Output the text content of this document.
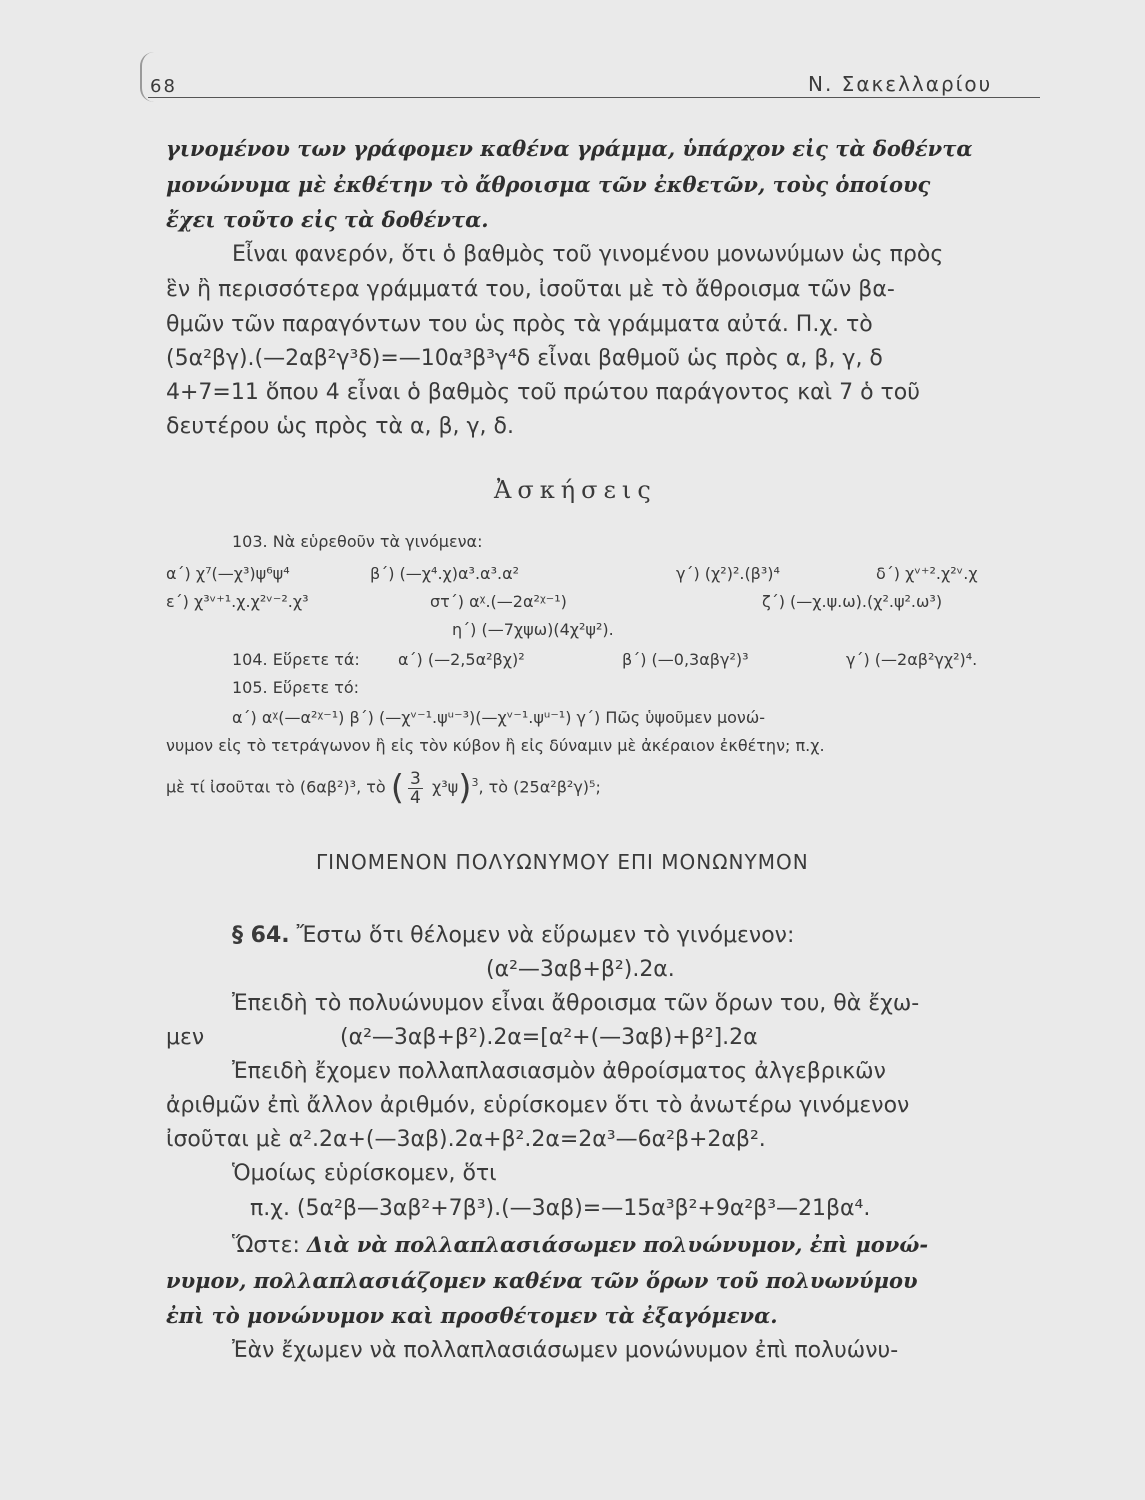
68	Ν. Σακελλαρίου
γινομένου των γράφομεν καθένα γράμμα, ὑπάρχον εἰς τὰ δοθέντα
μονώνυμα μὲ ἐκθέτην τὸ ἄθροισμα τῶν ἐκθετῶν, τοὺς ὁποίους
ἔχει τοῦτο εἰς τὰ δοθέντα.
Εἶναι φανερόν, ὅτι ὁ βαθμὸς τοῦ γινομένου μονωνύμων ὡς πρὸς
ἓν ἢ περισσότερα γράμματά του, ἰσοῦται μὲ τὸ ἄθροισμα τῶν βα-
θμῶν τῶν παραγόντων του ὡς πρὸς τὰ γράμματα αὐτά. Π.χ. τὸ
(5α²βγ).(—2αβ²γ³δ)=—10α³β³γ⁴δ εἶναι βαθμοῦ ὡς πρὸς α, β, γ, δ
4+7=11 ὅπου 4 εἶναι ὁ βαθμὸς τοῦ πρώτου παράγοντος καὶ 7 ὁ τοῦ
δευτέρου ὡς πρὸς τὰ α, β, γ, δ.
Ἀσκήσεις
103. Νὰ εὑρεθοῦν τὰ γινόμενα:
α΄) χ⁷(—χ³)ψ⁶ψ⁴	β΄) (—χ⁴.χ)α³.α³.α²	γ΄) (χ²)².(β³)⁴	δ΄) χᵛ⁺².χ²ᵛ.χ
ε΄) χ³ᵛ⁺¹.χ.χ²ᵛ⁻².χ³	στ΄) αᵡ.(—2α²ᵡ⁻¹)	ζ΄) (—χ.ψ.ω).(χ².ψ².ω³)
η΄) (—7χψω)(4χ²ψ²).
104. Εὕρετε τά: α΄) (—2,5α²βχ)²	β΄) (—0,3αβγ²)³	γ΄) (—2αβ²γχ²)⁴.
105. Εὕρετε τό:
α΄) αᵡ(—α²ᵡ⁻¹) β΄) (—χᵛ⁻¹.ψᵘ⁻³)(—χᵛ⁻¹.ψᵘ⁻¹) γ΄) Πῶς ὑψοῦμεν μονώ-
νυμον εἰς τὸ τετράγωνον ἢ εἰς τὸν κύβον ἢ εἰς δύναμιν μὲ ἀκέραιον ἐκθέτην; π.χ.
μὲ τί ἰσοῦται τὸ (6αβ²)³, τὸ ( $\frac{3}{4} \chi^3\psi)^3$, τὸ (25α²β²γ)⁵;
ΓΙΝΟΜΕΝΟΝ ΠΟΛΥΩΝΥΜΟΥ ΕΠΙ ΜΟΝΩΝΥΜΟΝ
§ 64. Ἔστω ὅτι θέλομεν νὰ εὕρωμεν τὸ γινόμενον:
(α²—3αβ+β²).2α.
Ἐπειδὴ τὸ πολυώνυμον εἶναι ἄθροισμα τῶν ὅρων του, θὰ ἔχω-
μεν	(α²—3αβ+β²).2α=[α²+(—3αβ)+β²].2α
Ἐπειδὴ ἔχομεν πολλαπλασιασμὸν ἀθροίσματος ἀλγεβρικῶν
ἀριθμῶν ἐπὶ ἄλλον ἀριθμόν, εὑρίσκομεν ὅτι τὸ ἀνωτέρω γινόμενον
ἰσοῦται μὲ α².2α+(—3αβ).2α+β².2α=2α³—6α²β+2αβ².
Ὁμοίως εὑρίσκομεν, ὅτι
π.χ. (5α²β—3αβ²+7β³).(—3αβ)=—15α³β²+9α²β³—21βα⁴.
Ὥστε: Διὰ νὰ πολλαπλασιάσωμεν πολυώνυμον, ἐπὶ μονώ-
νυμον, πολλαπλασιάζομεν καθένα τῶν ὅρων τοῦ πολυωνύμου
ἐπὶ τὸ μονώνυμον καὶ προσθέτομεν τὰ ἐξαγόμενα.
Ἐὰν ἔχωμεν νὰ πολλαπλασιάσωμεν μονώνυμον ἐπὶ πολυώνυ-
